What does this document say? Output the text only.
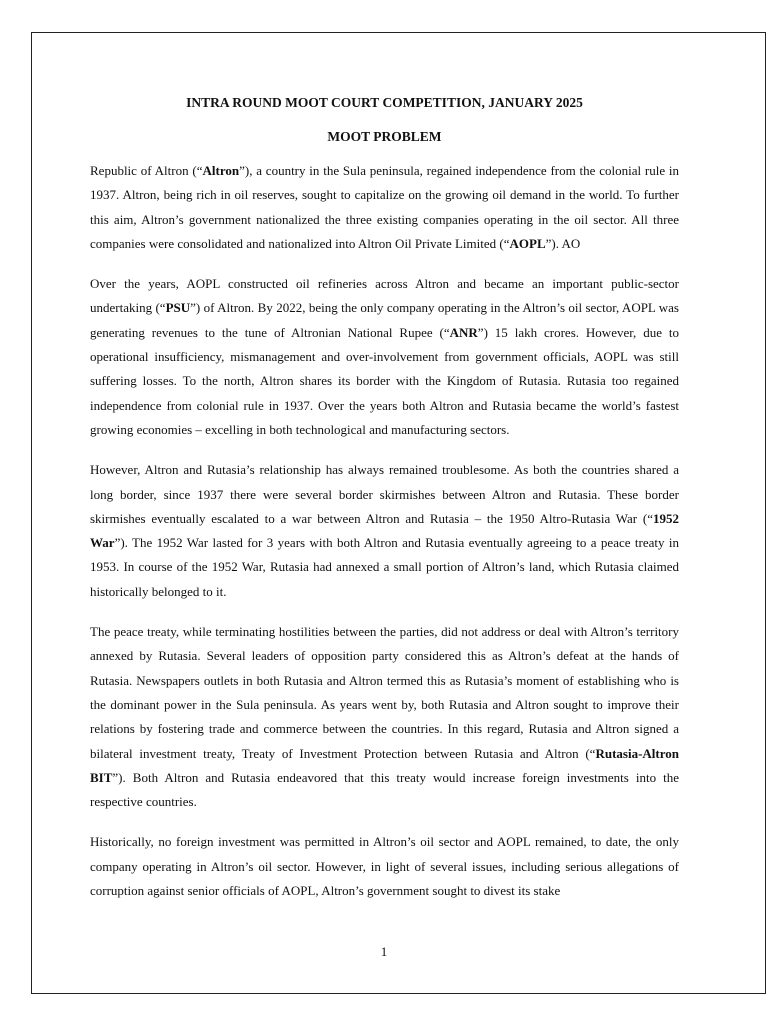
INTRA ROUND MOOT COURT COMPETITION, JANUARY 2025

MOOT PROBLEM

Republic of Altron (“Altron”), a country in the Sula peninsula, regained independence from the colonial rule in 1937. Altron, being rich in oil reserves, sought to capitalize on the growing oil demand in the world. To further this aim, Altron’s government nationalized the three existing companies operating in the oil sector. All three companies were consolidated and nationalized into Altron Oil Private Limited (“AOPL”). AO

Over the years, AOPL constructed oil refineries across Altron and became an important public-sector undertaking (“PSU”) of Altron. By 2022, being the only company operating in the Altron’s oil sector, AOPL was generating revenues to the tune of Altronian National Rupee (“ANR”) 15 lakh crores. However, due to operational insufficiency, mismanagement and over-involvement from government officials, AOPL was still suffering losses. To the north, Altron shares its border with the Kingdom of Rutasia. Rutasia too regained independence from colonial rule in 1937. Over the years both Altron and Rutasia became the world’s fastest growing economies – excelling in both technological and manufacturing sectors.

However, Altron and Rutasia’s relationship has always remained troublesome. As both the countries shared a long border, since 1937 there were several border skirmishes between Altron and Rutasia. These border skirmishes eventually escalated to a war between Altron and Rutasia – the 1950 Altro-Rutasia War (“1952 War”). The 1952 War lasted for 3 years with both Altron and Rutasia eventually agreeing to a peace treaty in 1953. In course of the 1952 War, Rutasia had annexed a small portion of Altron’s land, which Rutasia claimed historically belonged to it.

The peace treaty, while terminating hostilities between the parties, did not address or deal with Altron’s territory annexed by Rutasia. Several leaders of opposition party considered this as Altron’s defeat at the hands of Rutasia. Newspapers outlets in both Rutasia and Altron termed this as Rutasia’s moment of establishing who is the dominant power in the Sula peninsula. As years went by, both Rutasia and Altron sought to improve their relations by fostering trade and commerce between the countries. In this regard, Rutasia and Altron signed a bilateral investment treaty, Treaty of Investment Protection between Rutasia and Altron (“Rutasia-Altron BIT”). Both Altron and Rutasia endeavored that this treaty would increase foreign investments into the respective countries.

Historically, no foreign investment was permitted in Altron’s oil sector and AOPL remained, to date, the only company operating in Altron’s oil sector. However, in light of several issues, including serious allegations of corruption against senior officials of AOPL, Altron’s government sought to divest its stake

1
